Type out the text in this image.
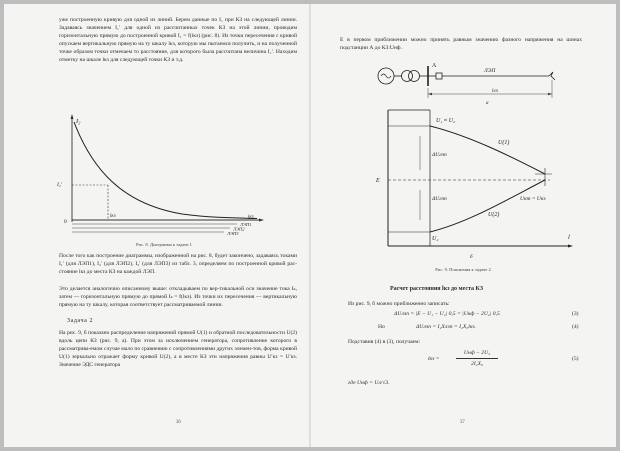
уже построенную кривую для одной из линий. Берем данные по I₁ при КЗ на следующей линии. Задаваясь значением I₁′ для одной из рассчитанных точек КЗ на этой линии, проводим горизонтальную прямую до построенной кривой I₁ = f(lкз) (рис. 8). Из точки пересечения с кривой опускаем вертикальную прямую на ту шкалу lкз, которую мы пытаемся получить, и на полученной точке образом точки отмечаем то расстояние, для которого была рассчитана величина I₁′. Находим отметку на шкале lкз для следующей точки КЗ и т.д.

I₂
I₂′
lкз
0
lкз
ЛЭП1
ЛЭП2
ЛЭП3
Рис. 8. Диаграмма к задаче 1

После того как построение диаграммы, изображенной на рис. 8, будет закончено, задаваясь токами I₁′ (для ЛЭП1), I₂′ (для ЛЭП2), I₃′ (для ЛЭП3) из табл. 3, определяем по построенной кривой рас-стояние lкз до места КЗ на каждой ЛЭП.

Это делается аналогично описанному выше: откладываем по вер-тикальной оси значение тока Iₖ, затем — горизонтальную прямую до прямой Iₖ = f(lкз). Из точки их пересечения — вертикальную прямую на ту шкалу, которая соответствует рассматриваемой линии.

Задача 2

На рис. 9, б показано распределение напряжений прямой U(1) и обратной последовательности U(2) вдоль цепи КЗ (рис. 9, а). При этом за исключением генератора, сопротивление которого в рассматрива-емом случае мало по сравнению с сопротивлениями других элемен-тов, форма кривой U(1) зеркально отражает форму кривой U(2), а в месте КЗ эти напряжения равны U′кз = U′кз. Значение ЭДС генератора

36

Е в первом приближении можно принять равным значению фазного напряжения на шинах подстанции А до КЗ:Uнф.

А
ЛЭП
lлэ
а
U₁ ≈ U₂
E
ΔUлэп
ΔUлэп
U₂
U(1)
U(2)
Uкт = Uкз
l
б
Рис. 9. Пояснения к задаче 2
Расчет расстояния lкз до места КЗ

Из рис. 9, б можно приближенно записать:

ΔUлэп = |E − U₁ − U₂| 0,5 = |Uнф − 2U₂| 0,5	(3)
Но	ΔUлэп = I₂Xлэп = I₂X₀lкз.	(4)

Подставив (4) в (3), получаем:

lкз =
Uнф − 2U₂
2I₂X₀
(5)
где Uнф = Uл/√3.
37
